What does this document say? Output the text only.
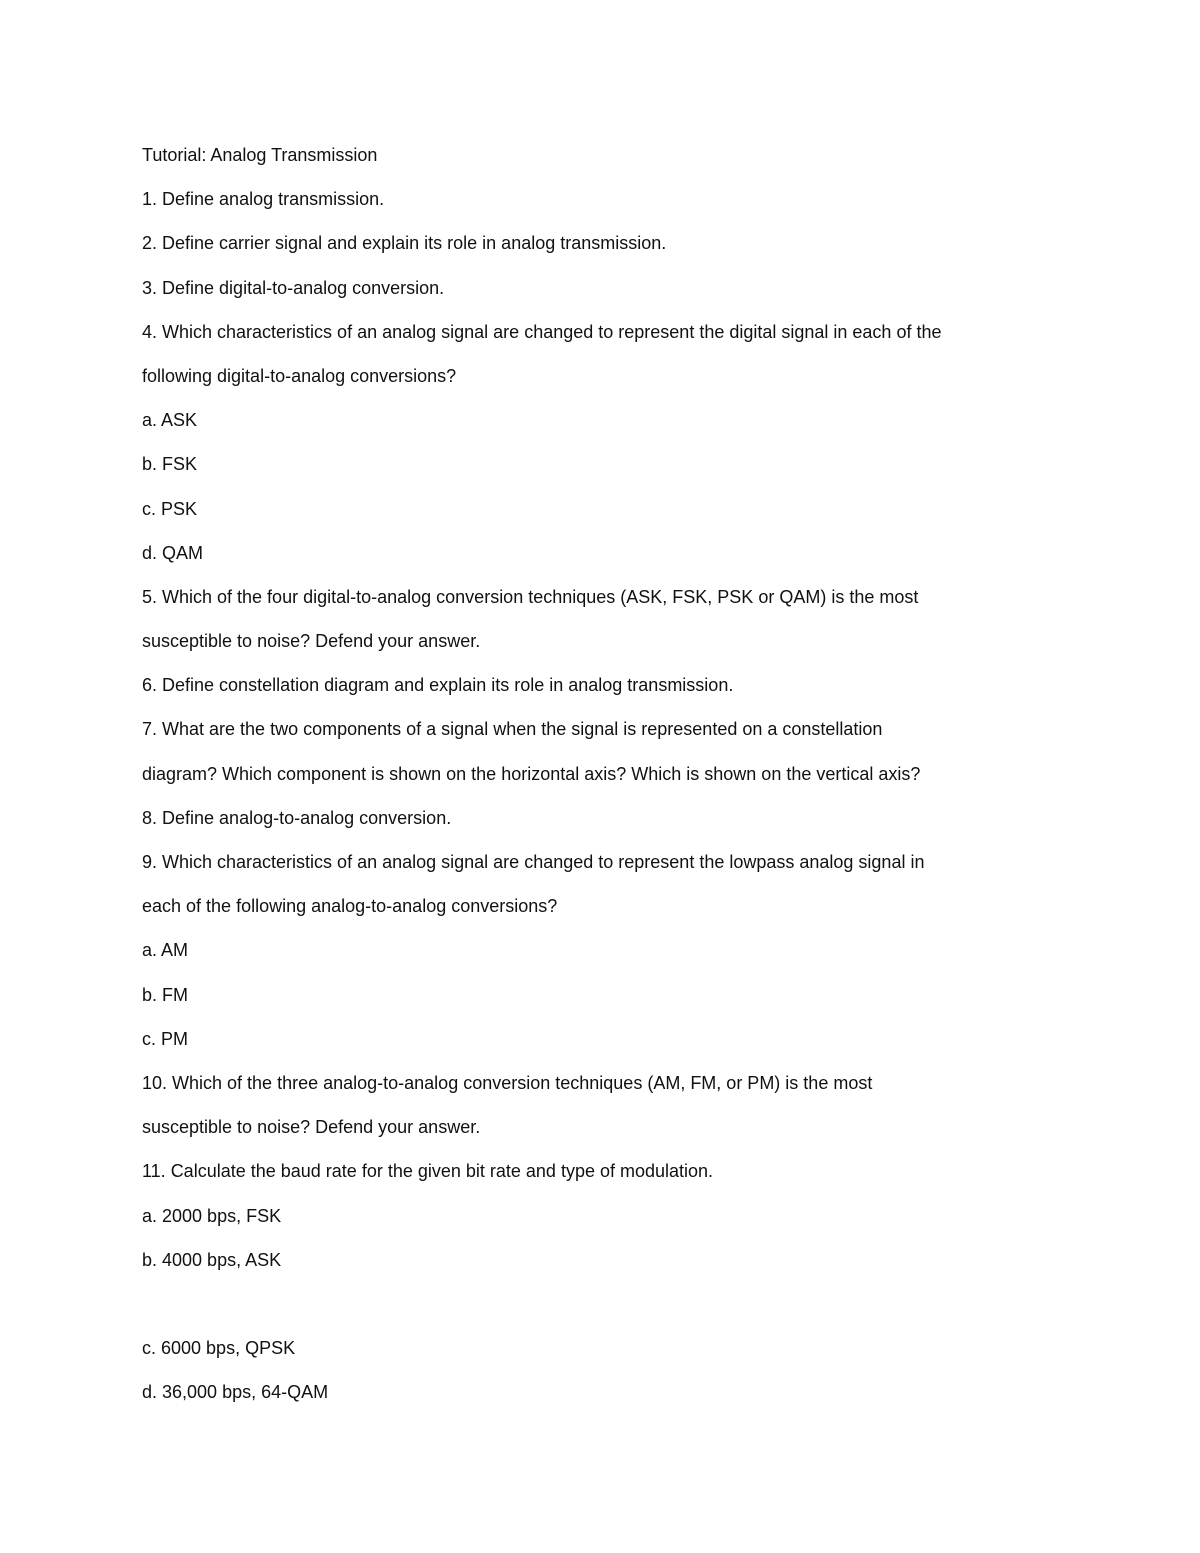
Tutorial: Analog Transmission
1. Define analog transmission.
2. Define carrier signal and explain its role in analog transmission.
3. Define digital-to-analog conversion.
4. Which characteristics of an analog signal are changed to represent the digital signal in each of the
following digital-to-analog conversions?
a. ASK
b. FSK
c. PSK
d. QAM
5. Which of the four digital-to-analog conversion techniques (ASK, FSK, PSK or QAM) is the most
susceptible to noise? Defend your answer.
6. Define constellation diagram and explain its role in analog transmission.
7. What are the two components of a signal when the signal is represented on a constellation
diagram? Which component is shown on the horizontal axis? Which is shown on the vertical axis?
8. Define analog-to-analog conversion.
9. Which characteristics of an analog signal are changed to represent the lowpass analog signal in
each of the following analog-to-analog conversions?
a. AM
b. FM
c. PM
10. Which of the three analog-to-analog conversion techniques (AM, FM, or PM) is the most
susceptible to noise? Defend your answer.
11. Calculate the baud rate for the given bit rate and type of modulation.
a. 2000 bps, FSK
b. 4000 bps, ASK
c. 6000 bps, QPSK
d. 36,000 bps, 64-QAM
